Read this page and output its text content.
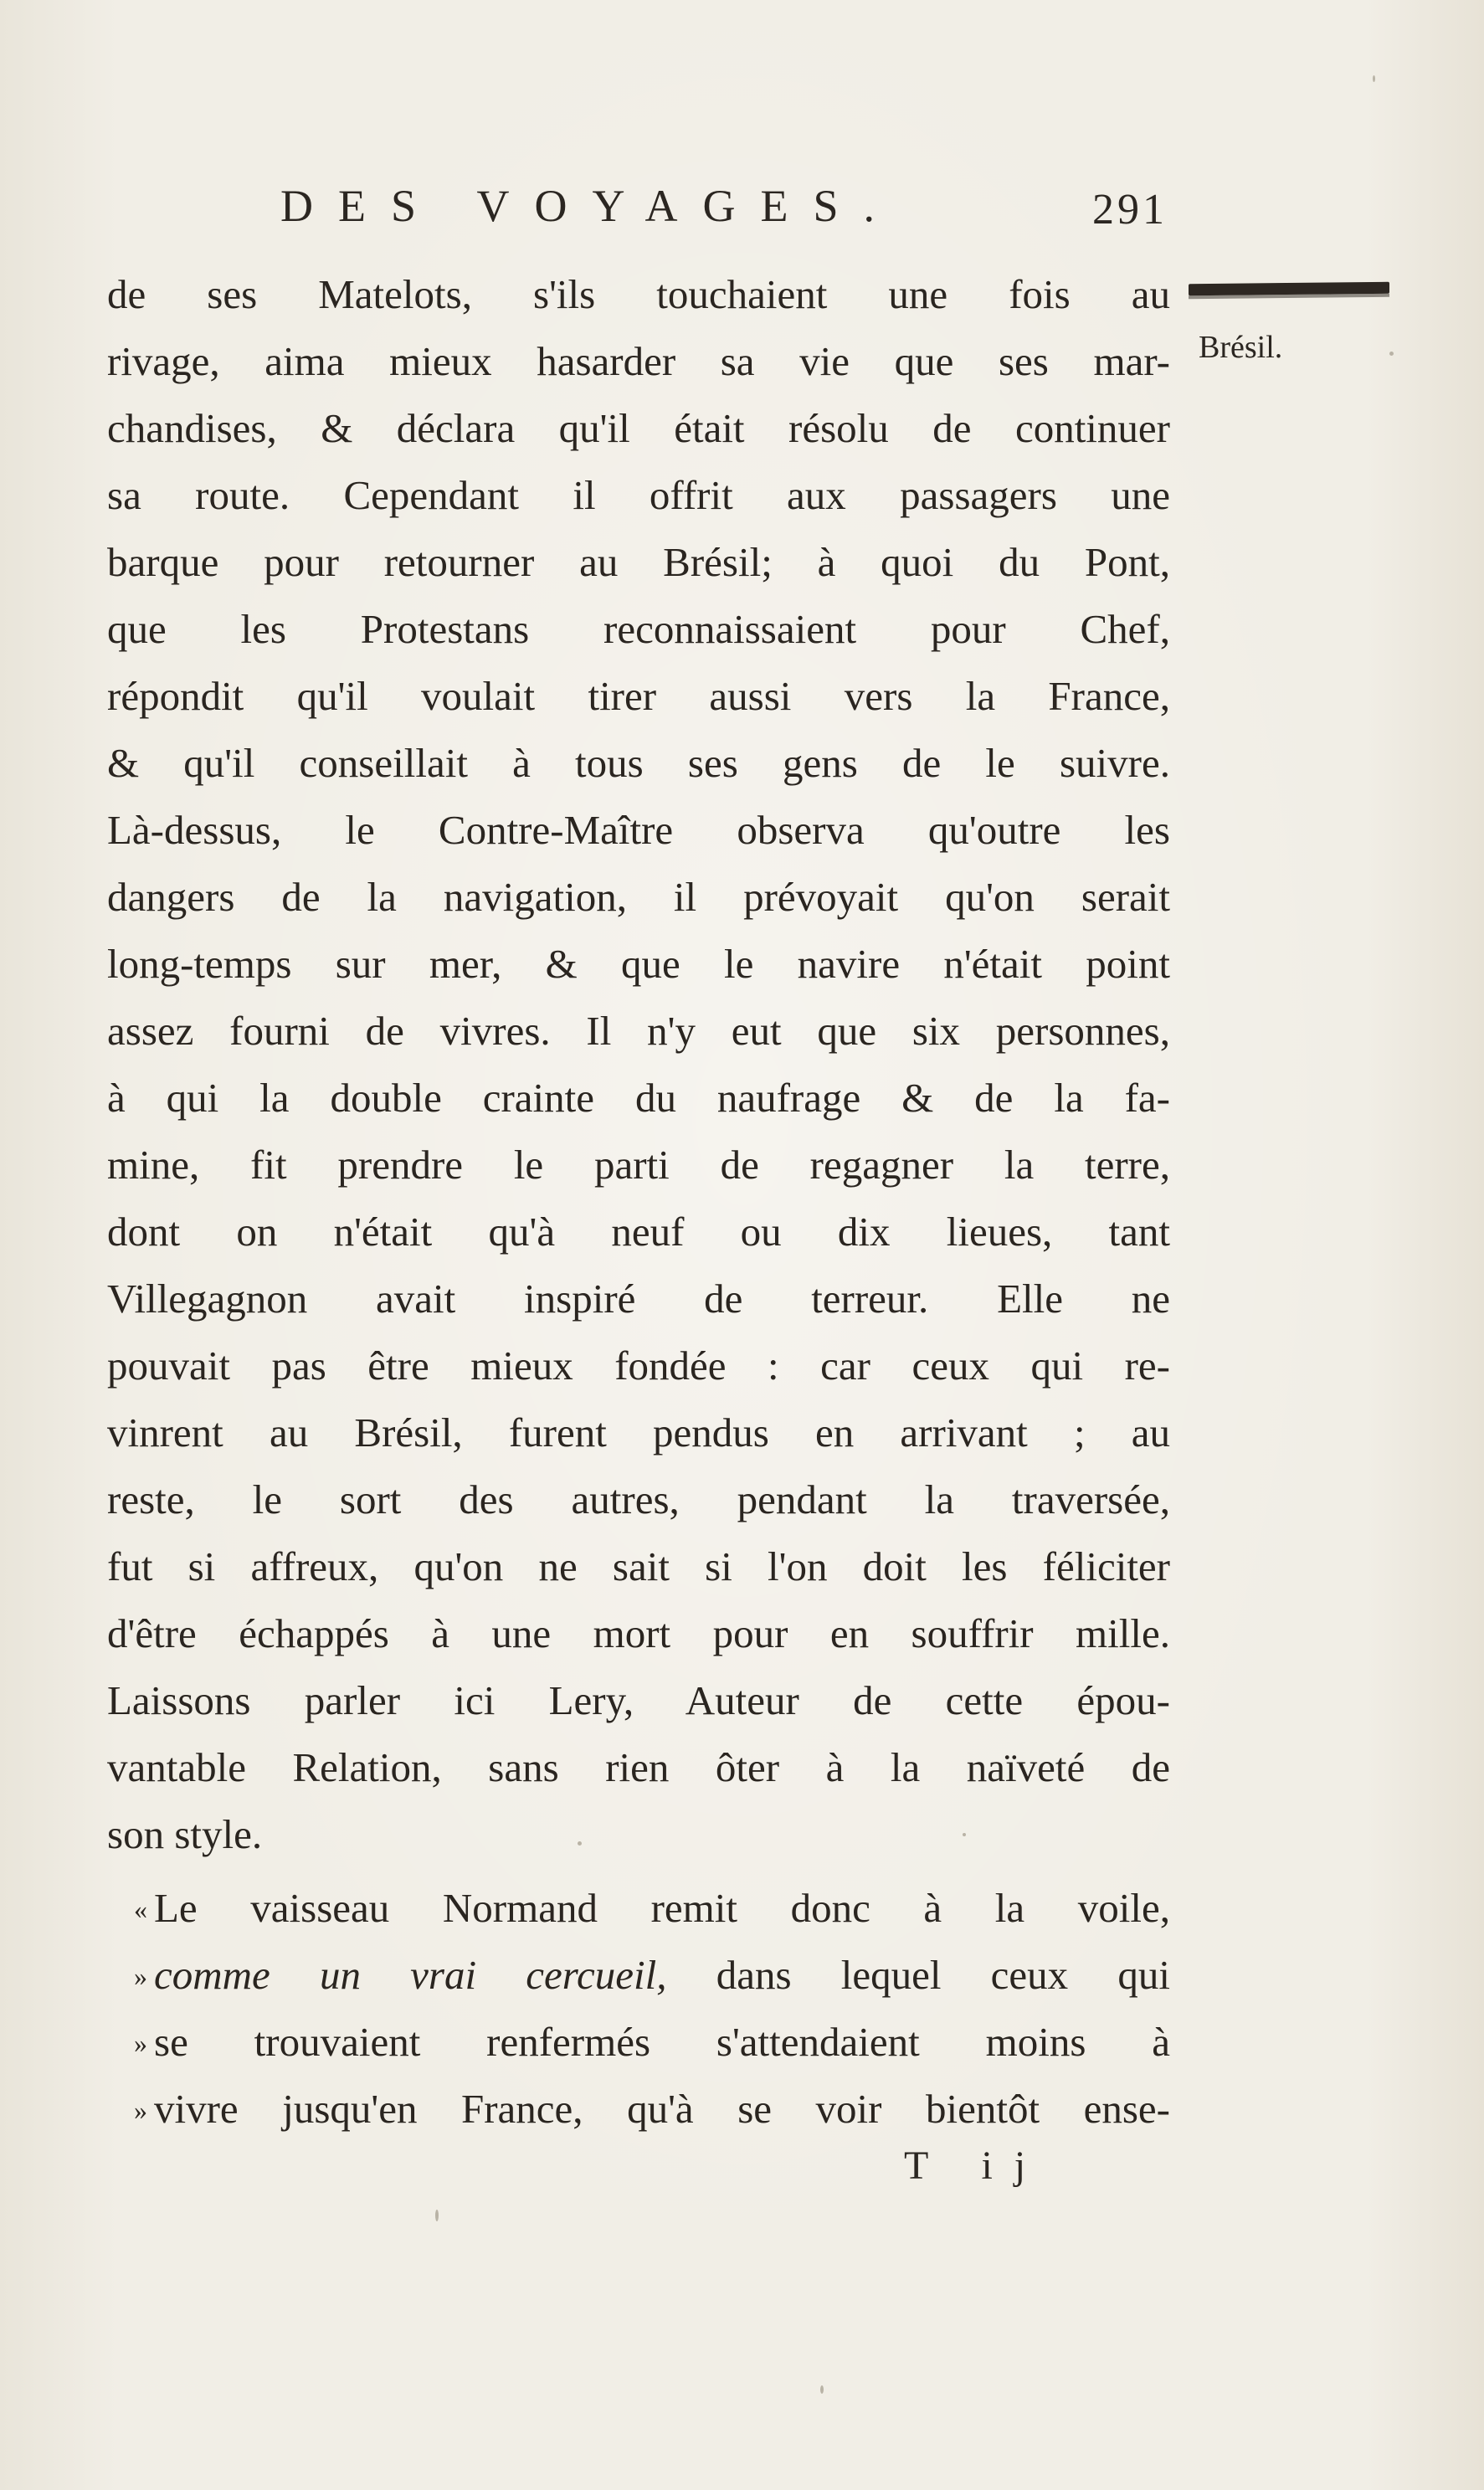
DES VOYAGES.	291
Brésil.
de ses Matelots, s'ils touchaient une fois au
rivage, aima mieux hasarder sa vie que ses mar-
chandises, & déclara qu'il était résolu de continuer
sa route. Cependant il offrit aux passagers une
barque pour retourner au Brésil; à quoi du Pont,
que les Protestans reconnaissaient pour Chef,
répondit qu'il voulait tirer aussi vers la France,
& qu'il conseillait à tous ses gens de le suivre.
Là-dessus, le Contre-Maître observa qu'outre les
dangers de la navigation, il prévoyait qu'on serait
long-temps sur mer, & que le navire n'était point
assez fourni de vivres. Il n'y eut que six personnes,
à qui la double crainte du naufrage & de la fa-
mine, fit prendre le parti de regagner la terre,
dont on n'était qu'à neuf ou dix lieues, tant
Villegagnon avait inspiré de terreur. Elle ne
pouvait pas être mieux fondée : car ceux qui re-
vinrent au Brésil, furent pendus en arrivant ; au
reste, le sort des autres, pendant la traversée,
fut si affreux, qu'on ne sait si l'on doit les féliciter
d'être échappés à une mort pour en souffrir mille.
Laissons parler ici Lery, Auteur de cette épou-
vantable Relation, sans rien ôter à la naïveté de
son style.
« Le vaisseau Normand remit donc à la voile,
» comme un vrai cercueil, dans lequel ceux qui
» se trouvaient renfermés s'attendaient moins à
» vivre jusqu'en France, qu'à se voir bientôt ense-
T ij
